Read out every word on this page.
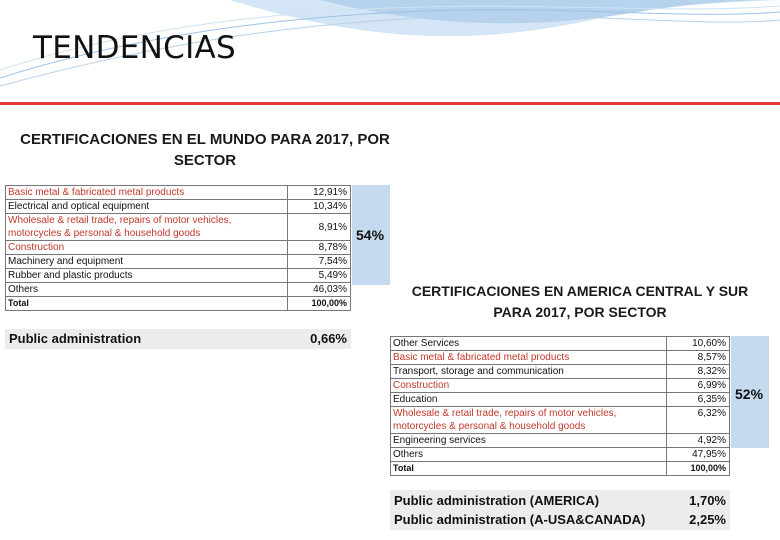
TENDENCIAS
CERTIFICACIONES EN EL MUNDO PARA 2017, POR
SECTOR
Basic metal & fabricated metal products	12,91%
Electrical and optical equipment	10,34%
Wholesale & retail trade, repairs of motor vehicles,
motorcycles & personal & household goods	8,91%
Construction	8,78%
Machinery and equipment	7,54%
Rubber and plastic products	5,49%
Others	46,03%
Total	100,00%
54%
Public administration	0,66%
CERTIFICACIONES EN AMERICA CENTRAL Y SUR
PARA 2017, POR SECTOR
Other Services	10,60%
Basic metal & fabricated metal products	8,57%
Transport, storage and communication	8,32%
Construction	6,99%
Education	6,35%
Wholesale & retail trade, repairs of motor vehicles,
motorcycles & personal & household goods	6,32%
Engineering services	4,92%
Others	47,95%
Total	100,00%
52%
Public administration (AMERICA)	1,70%
Public administration (A-USA&CANADA)	2,25%
